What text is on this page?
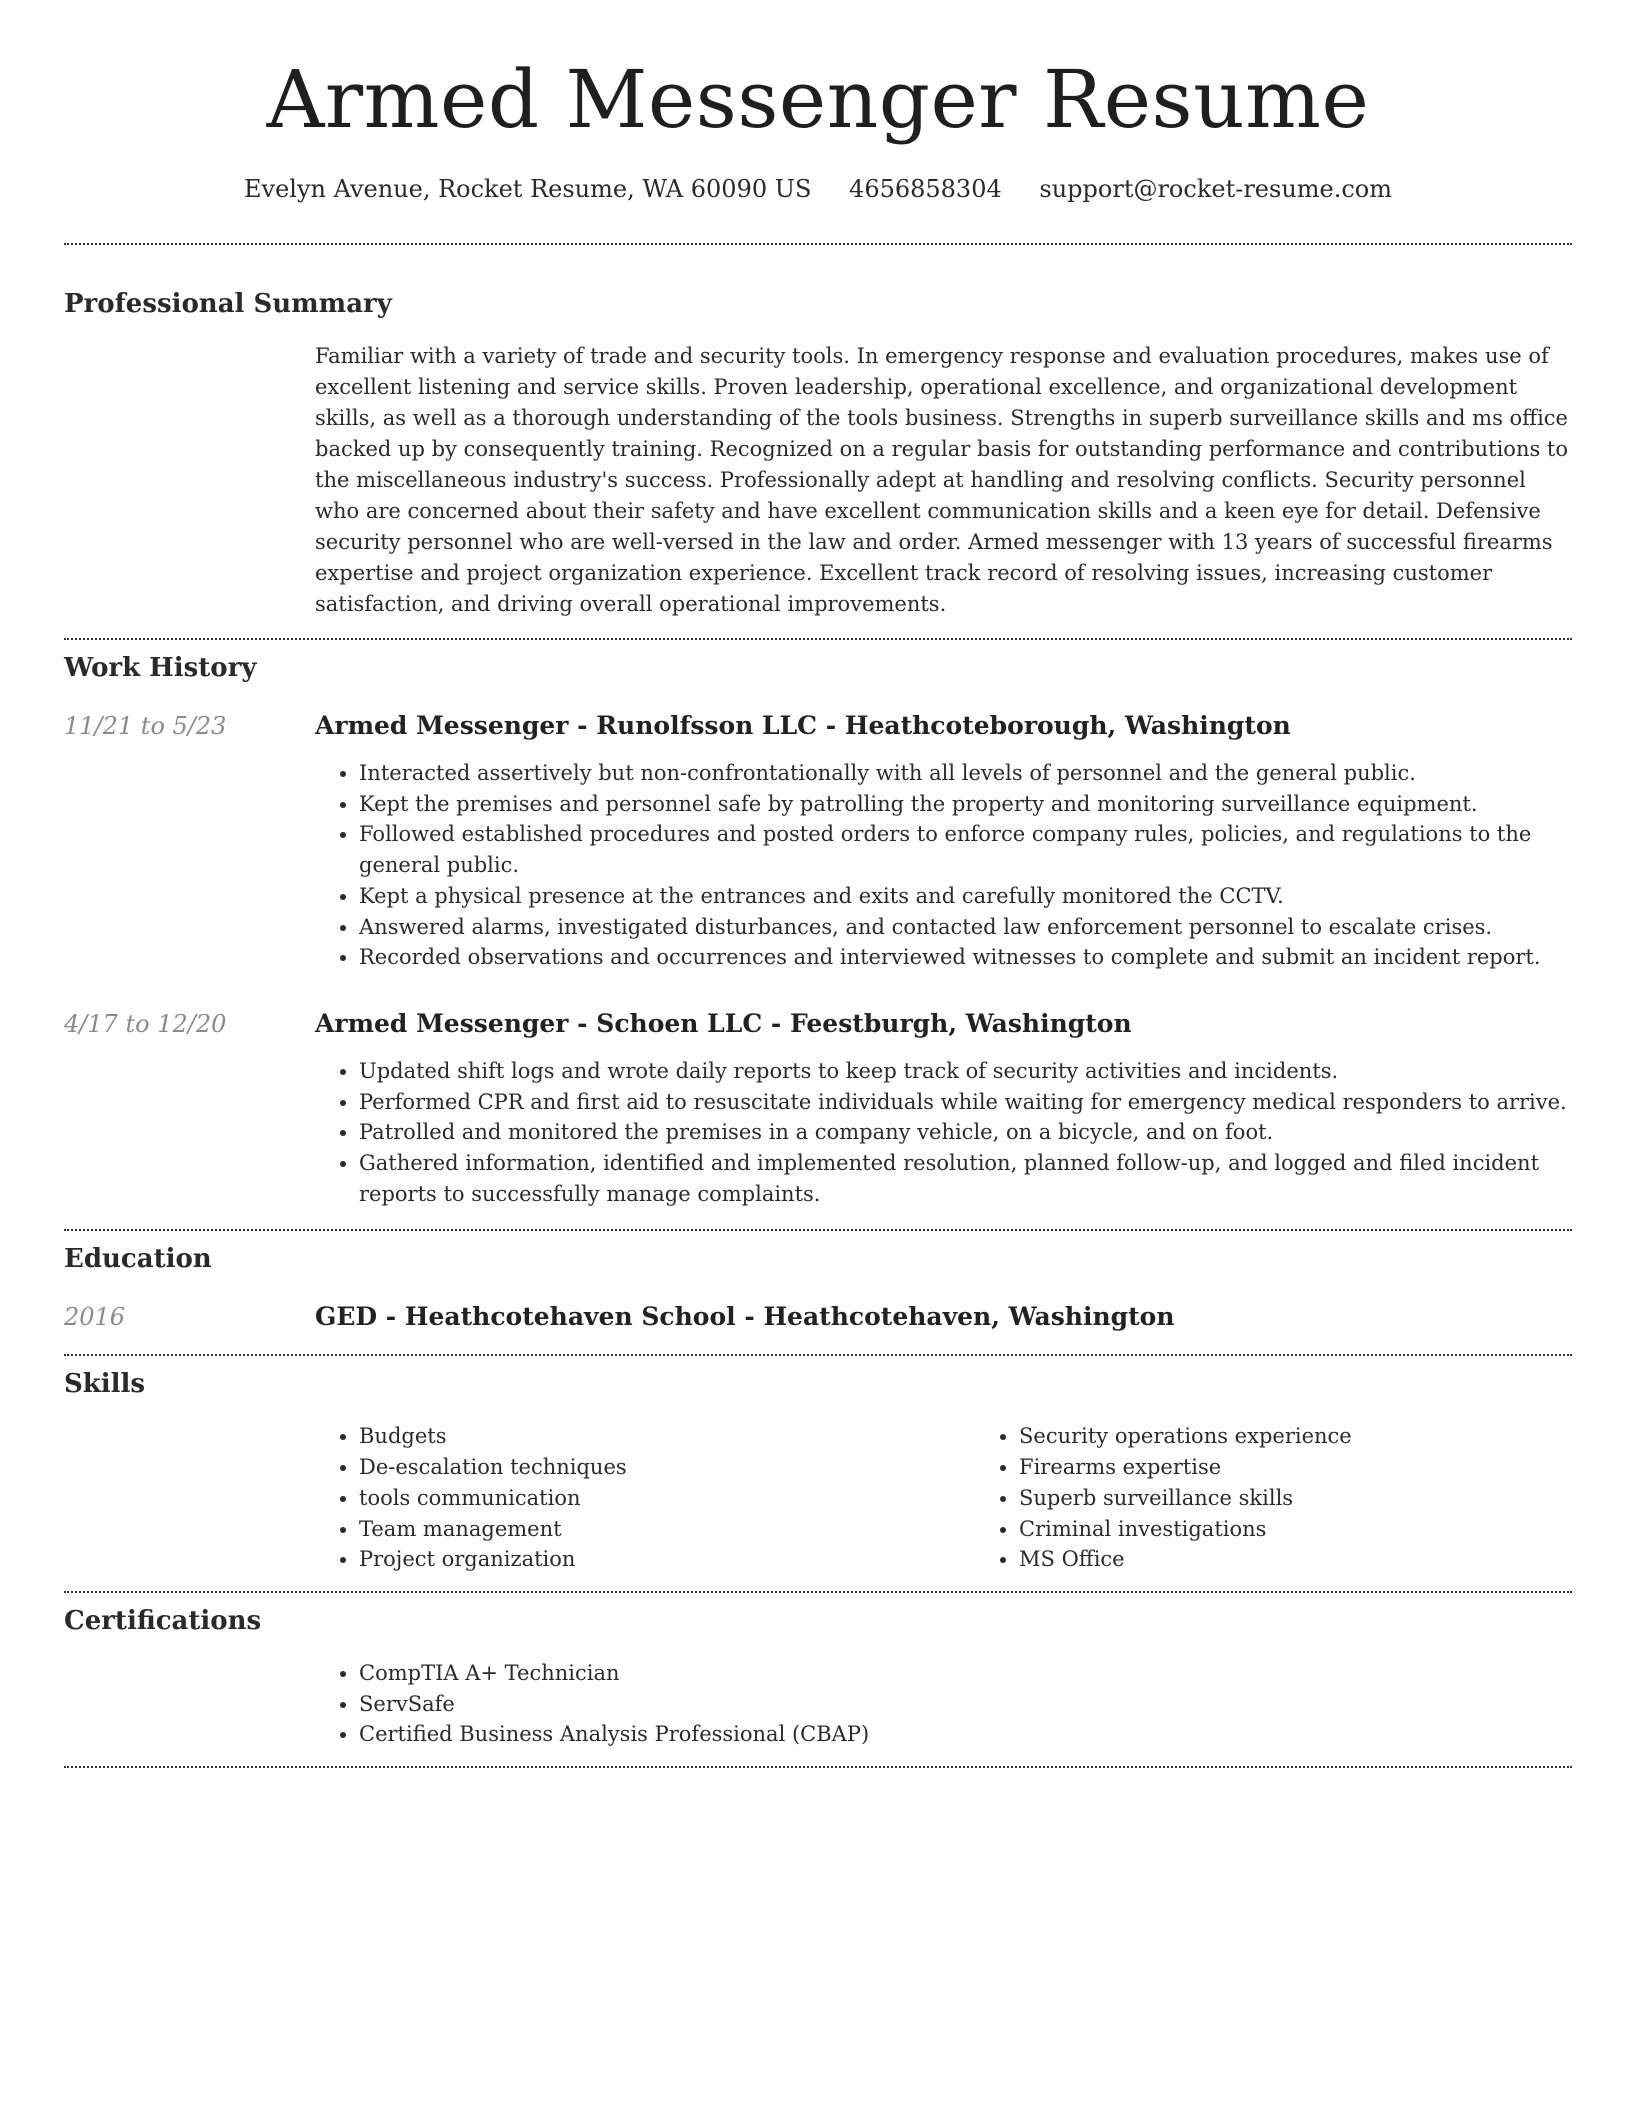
Armed Messenger Resume
Evelyn Avenue, Rocket Resume, WA 60090 US 4656858304 support@rocket-resume.com
Professional Summary

Familiar with a variety of trade and security tools. In emergency response and evaluation procedures, makes use of excellent listening and service skills. Proven leadership, operational excellence, and organizational development skills, as well as a thorough understanding of the tools business. Strengths in superb surveillance skills and ms office backed up by consequently training. Recognized on a regular basis for outstanding performance and contributions to the miscellaneous industry's success. Professionally adept at handling and resolving conflicts. Security personnel who are concerned about their safety and have excellent communication skills and a keen eye for detail. Defensive security personnel who are well-versed in the law and order. Armed messenger with 13 years of successful firearms expertise and project organization experience. Excellent track record of resolving issues, increasing customer satisfaction, and driving overall operational improvements.

Work History
11/21 to 5/23	Armed Messenger - Runolfsson LLC - Heathcoteborough, Washington
• Interacted assertively but non-confrontationally with all levels of personnel and the general public.
• Kept the premises and personnel safe by patrolling the property and monitoring surveillance equipment.
• Followed established procedures and posted orders to enforce company rules, policies, and regulations to the general public.
• Kept a physical presence at the entrances and exits and carefully monitored the CCTV.
• Answered alarms, investigated disturbances, and contacted law enforcement personnel to escalate crises.
• Recorded observations and occurrences and interviewed witnesses to complete and submit an incident report.
4/17 to 12/20	Armed Messenger - Schoen LLC - Feestburgh, Washington
• Updated shift logs and wrote daily reports to keep track of security activities and incidents.
• Performed CPR and first aid to resuscitate individuals while waiting for emergency medical responders to arrive.
• Patrolled and monitored the premises in a company vehicle, on a bicycle, and on foot.
• Gathered information, identified and implemented resolution, planned follow-up, and logged and filed incident reports to successfully manage complaints.
Education
2016	GED - Heathcotehaven School - Heathcotehaven, Washington
Skills
• Budgets
• De-escalation techniques
• tools communication
• Team management
• Project organization
• Security operations experience
• Firearms expertise
• Superb surveillance skills
• Criminal investigations
• MS Office
Certifications
• CompTIA A+ Technician
• ServSafe
• Certified Business Analysis Professional (CBAP)
